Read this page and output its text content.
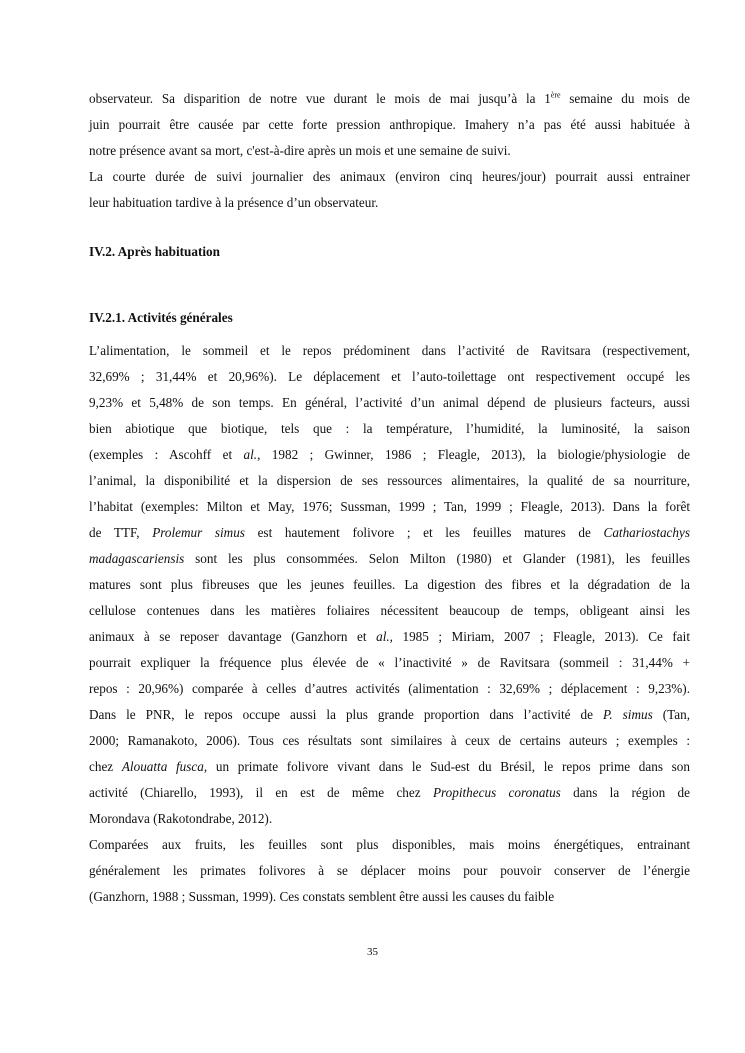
observateur. Sa disparition de notre vue durant le mois de mai jusqu’à la 1ère semaine du mois de
juin pourrait être causée par cette forte pression anthropique. Imahery n’a pas été aussi habituée à
notre présence avant sa mort, c'est-à-dire après un mois et une semaine de suivi.
La courte durée de suivi journalier des animaux (environ cinq heures/jour) pourrait aussi entrainer
leur habituation tardive à la présence d’un observateur.
IV.2. Après habituation
IV.2.1. Activités générales
L’alimentation, le sommeil et le repos prédominent dans l’activité de Ravitsara (respectivement,
32,69% ; 31,44% et 20,96%). Le déplacement et l’auto-toilettage ont respectivement occupé les
9,23% et 5,48% de son temps. En général, l’activité d’un animal dépend de plusieurs facteurs, aussi
bien abiotique que biotique, tels que : la température, l’humidité, la luminosité, la saison
(exemples : Ascohff et al., 1982 ; Gwinner, 1986 ; Fleagle, 2013), la biologie/physiologie de
l’animal, la disponibilité et la dispersion de ses ressources alimentaires, la qualité de sa nourriture,
l’habitat (exemples: Milton et May, 1976; Sussman, 1999 ; Tan, 1999 ; Fleagle, 2013). Dans la forêt
de TTF, Prolemur simus est hautement folivore ; et les feuilles matures de Cathariostachys
madagascariensis sont les plus consommées. Selon Milton (1980) et Glander (1981), les feuilles
matures sont plus fibreuses que les jeunes feuilles. La digestion des fibres et la dégradation de la
cellulose contenues dans les matières foliaires nécessitent beaucoup de temps, obligeant ainsi les
animaux à se reposer davantage (Ganzhorn et al., 1985 ; Miriam, 2007 ; Fleagle, 2013). Ce fait
pourrait expliquer la fréquence plus élevée de « l’inactivité » de Ravitsara (sommeil : 31,44% +
repos : 20,96%) comparée à celles d’autres activités (alimentation : 32,69% ; déplacement : 9,23%).
Dans le PNR, le repos occupe aussi la plus grande proportion dans l’activité de P. simus (Tan,
2000; Ramanakoto, 2006). Tous ces résultats sont similaires à ceux de certains auteurs ; exemples :
chez Alouatta fusca, un primate folivore vivant dans le Sud-est du Brésil, le repos prime dans son
activité (Chiarello, 1993), il en est de même chez Propithecus coronatus dans la région de
Morondava (Rakotondrabe, 2012).
Comparées aux fruits, les feuilles sont plus disponibles, mais moins énergétiques, entrainant
généralement les primates folivores à se déplacer moins pour pouvoir conserver de l’énergie
(Ganzhorn, 1988 ; Sussman, 1999). Ces constats semblent être aussi les causes du faible
35
